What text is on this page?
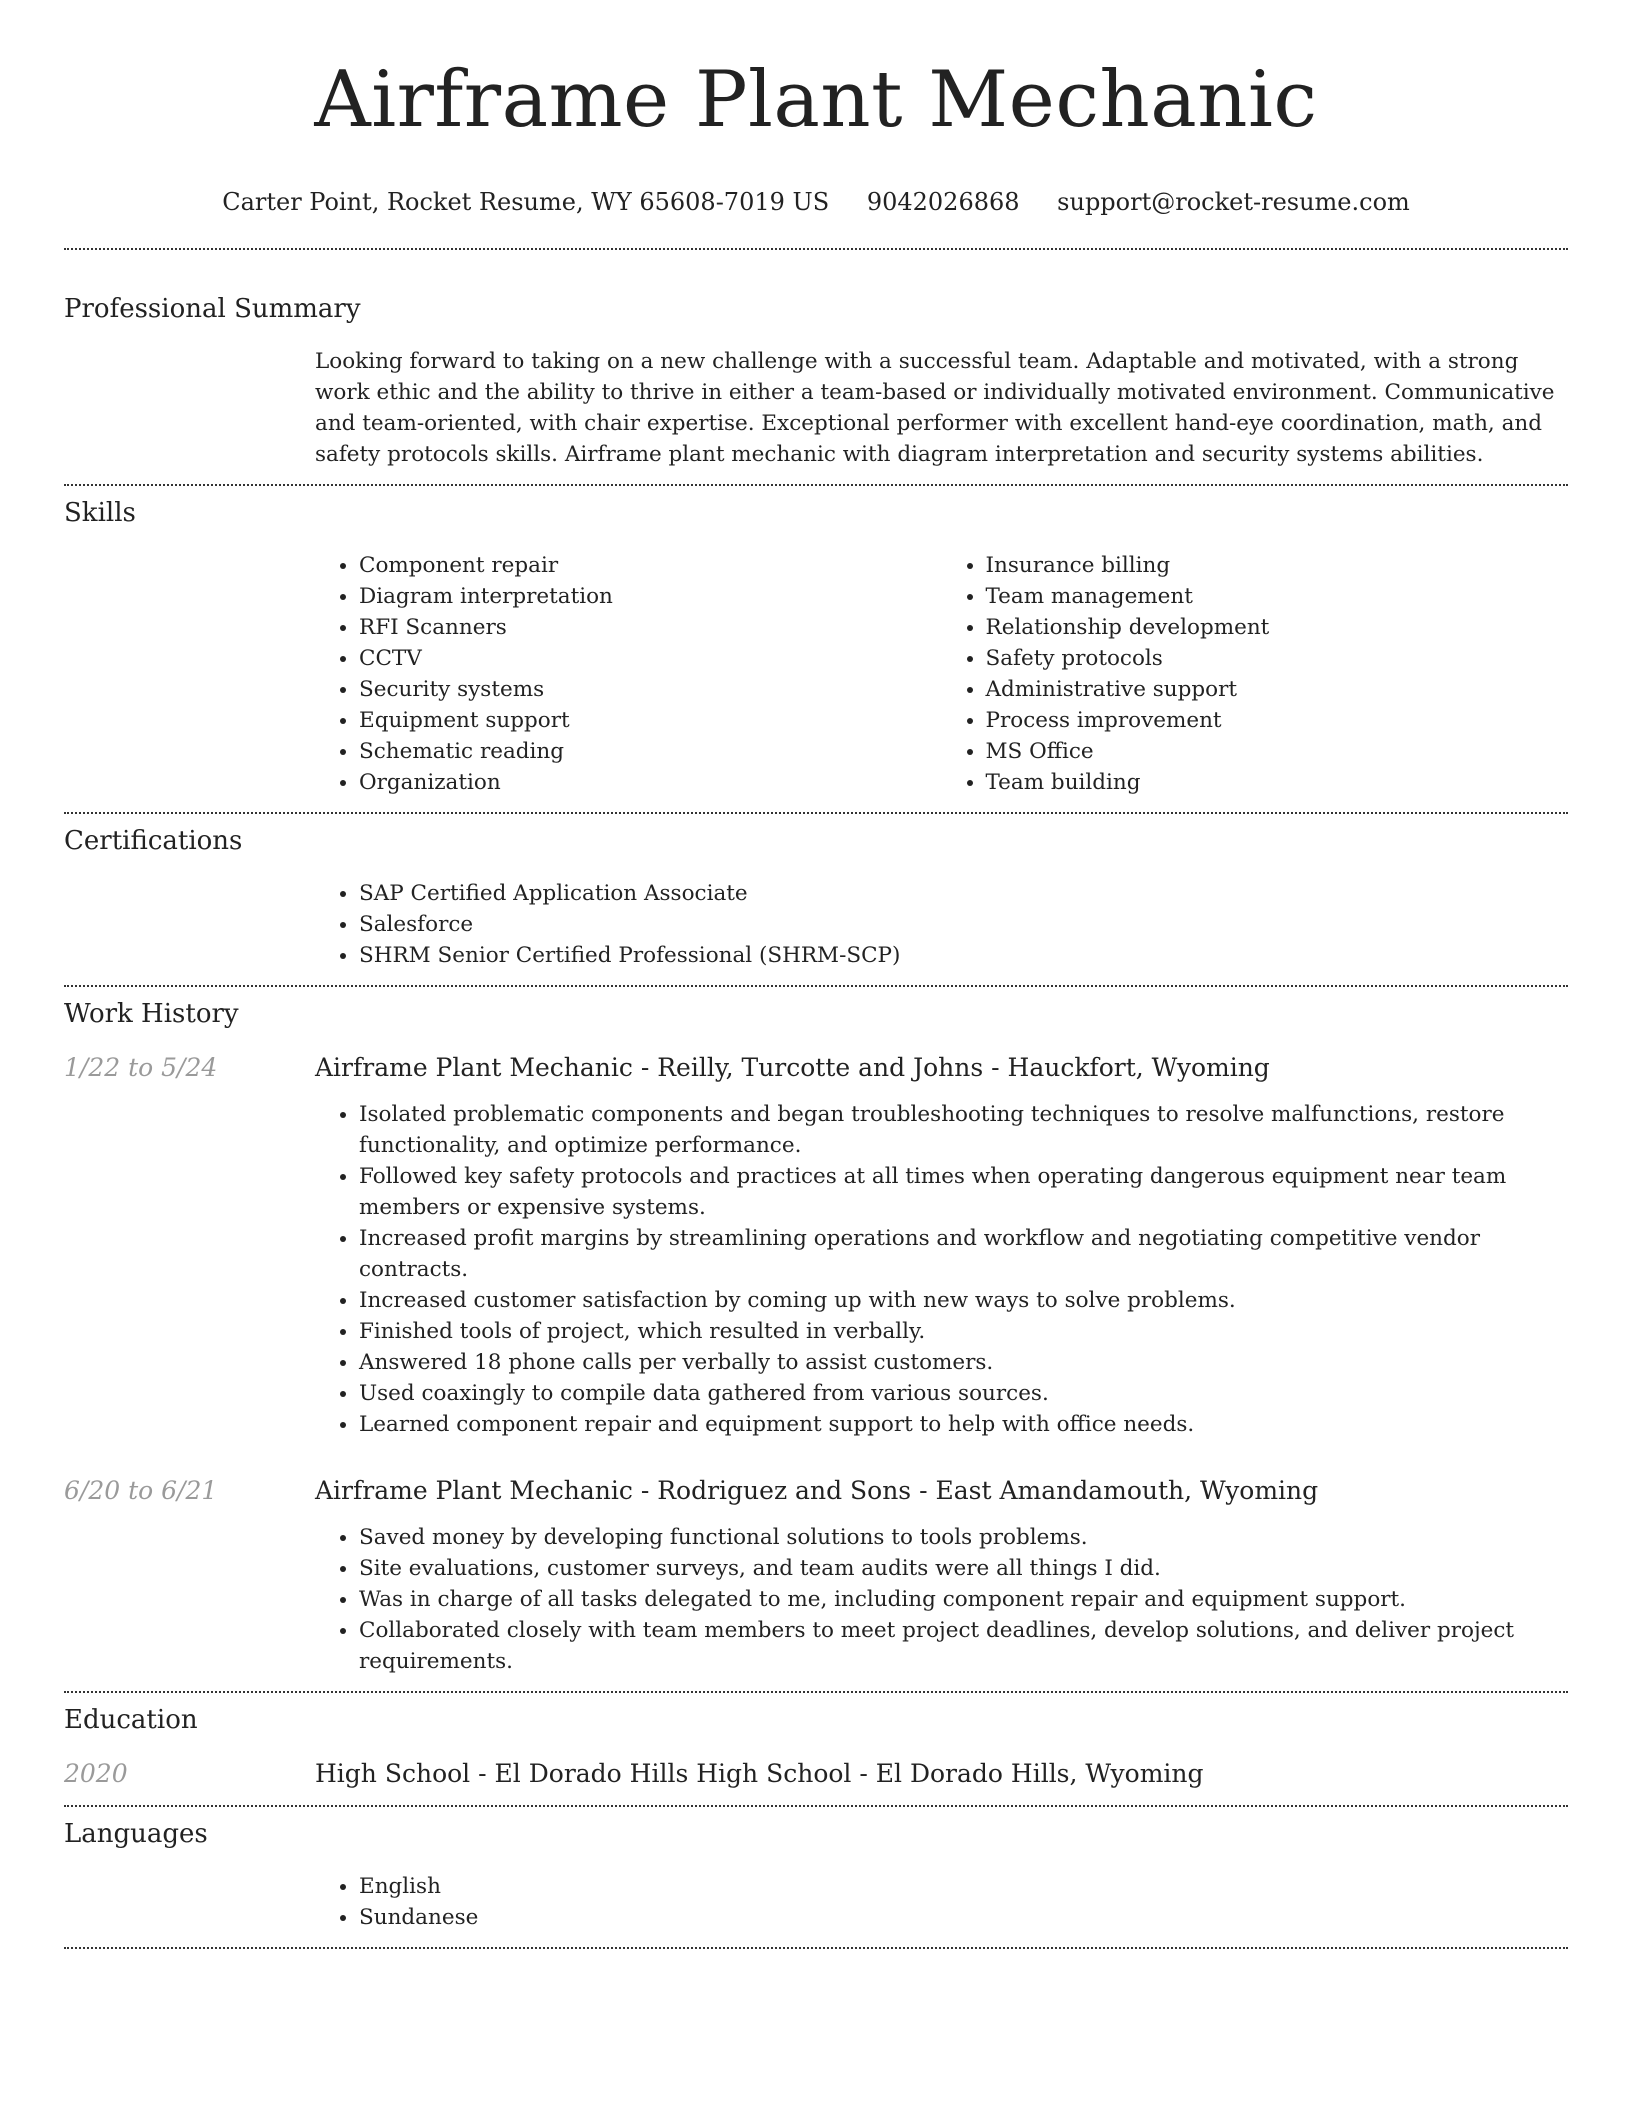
Airframe Plant Mechanic
Carter Point, Rocket Resume, WY 65608-7019 US 9042026868 support@rocket-resume.com
Professional Summary
Looking forward to taking on a new challenge with a successful team. Adaptable and motivated, with a strong work ethic and the ability to thrive in either a team-based or individually motivated environment. Communicative and team-oriented, with chair expertise. Exceptional performer with excellent hand-eye coordination, math, and safety protocols skills. Airframe plant mechanic with diagram interpretation and security systems abilities.
Skills
• Component repair
• Diagram interpretation
• RFI Scanners
• CCTV
• Security systems
• Equipment support
• Schematic reading
• Organization
• Insurance billing
• Team management
• Relationship development
• Safety protocols
• Administrative support
• Process improvement
• MS Office
• Team building
Certifications
• SAP Certified Application Associate
• Salesforce
• SHRM Senior Certified Professional (SHRM-SCP)
Work History
1/22 to 5/24	Airframe Plant Mechanic - Reilly, Turcotte and Johns - Hauckfort, Wyoming
• Isolated problematic components and began troubleshooting techniques to resolve malfunctions, restore functionality, and optimize performance.
• Followed key safety protocols and practices at all times when operating dangerous equipment near team members or expensive systems.
• Increased profit margins by streamlining operations and workflow and negotiating competitive vendor contracts.
• Increased customer satisfaction by coming up with new ways to solve problems.
• Finished tools of project, which resulted in verbally.
• Answered 18 phone calls per verbally to assist customers.
• Used coaxingly to compile data gathered from various sources.
• Learned component repair and equipment support to help with office needs.
6/20 to 6/21	Airframe Plant Mechanic - Rodriguez and Sons - East Amandamouth, Wyoming
• Saved money by developing functional solutions to tools problems.
• Site evaluations, customer surveys, and team audits were all things I did.
• Was in charge of all tasks delegated to me, including component repair and equipment support.
• Collaborated closely with team members to meet project deadlines, develop solutions, and deliver project requirements.
Education
2020	High School - El Dorado Hills High School - El Dorado Hills, Wyoming
Languages
• English
• Sundanese
